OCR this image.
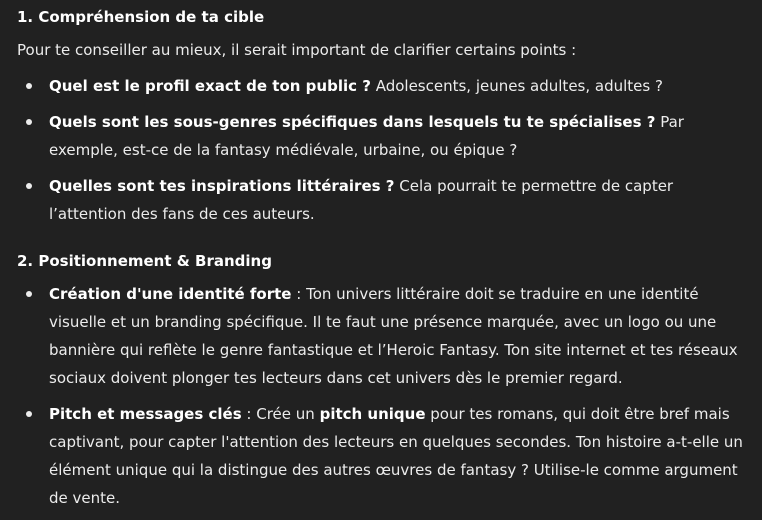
1. Compréhension de ta cible

Pour te conseiller au mieux, il serait important de clarifier certains points :

Quel est le profil exact de ton public ? Adolescents, jeunes adultes, adultes ?
Quels sont les sous-genres spécifiques dans lesquels tu te spécialises ? Par exemple, est-ce de la fantasy médiévale, urbaine, ou épique ?
Quelles sont tes inspirations littéraires ? Cela pourrait te permettre de capter l’attention des fans de ces auteurs.
2. Positionnement & Branding
Création d'une identité forte : Ton univers littéraire doit se traduire en une identité visuelle et un branding spécifique. Il te faut une présence marquée, avec un logo ou une bannière qui reflète le genre fantastique et l’Heroic Fantasy. Ton site internet et tes réseaux sociaux doivent plonger tes lecteurs dans cet univers dès le premier regard.
Pitch et messages clés : Crée un pitch unique pour tes romans, qui doit être bref mais captivant, pour capter l'attention des lecteurs en quelques secondes. Ton histoire a-t-elle un élément unique qui la distingue des autres œuvres de fantasy ? Utilise-le comme argument de vente.
